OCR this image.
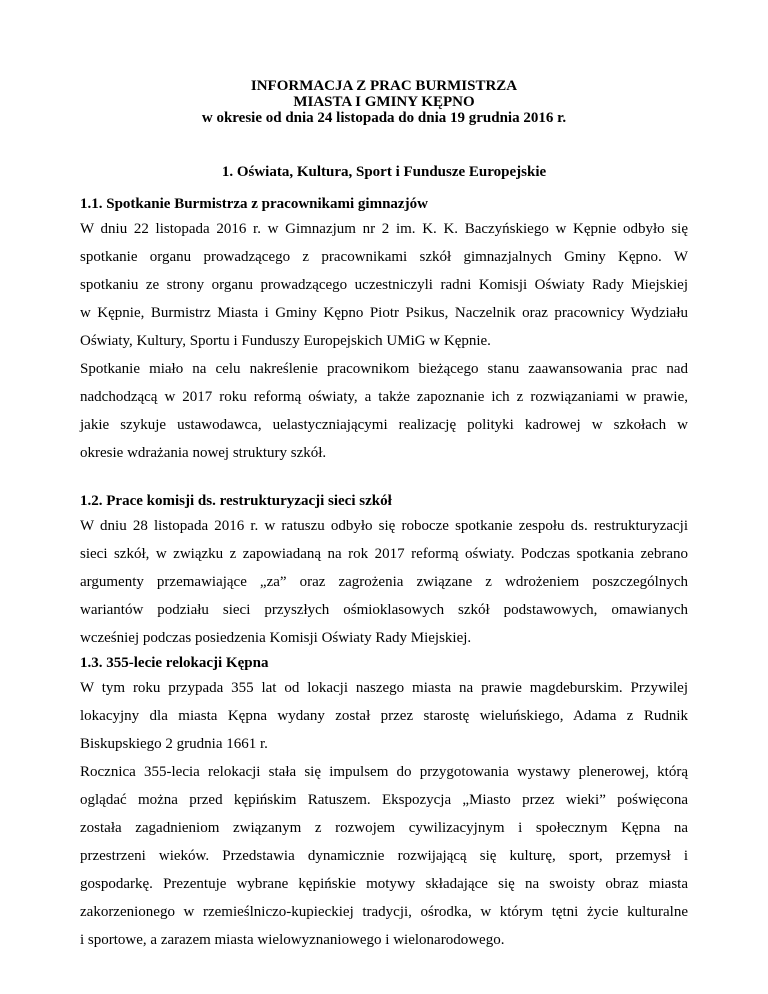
INFORMACJA Z PRAC BURMISTRZA
MIASTA I GMINY KĘPNO
w okresie od dnia 24 listopada do dnia 19 grudnia 2016 r.
1. Oświata, Kultura, Sport i Fundusze Europejskie
1.1. Spotkanie Burmistrza z pracownikami gimnazjów
W dniu 22 listopada 2016 r. w Gimnazjum nr 2 im. K. K. Baczyńskiego w Kępnie odbyło się
spotkanie organu prowadzącego z pracownikami szkół gimnazjalnych Gminy Kępno. W
spotkaniu ze strony organu prowadzącego uczestniczyli radni Komisji Oświaty Rady Miejskiej
w Kępnie, Burmistrz Miasta i Gminy Kępno Piotr Psikus, Naczelnik oraz pracownicy Wydziału
Oświaty, Kultury, Sportu i Funduszy Europejskich UMiG w Kępnie.
Spotkanie miało na celu nakreślenie pracownikom bieżącego stanu zaawansowania prac nad
nadchodzącą w 2017 roku reformą oświaty, a także zapoznanie ich z rozwiązaniami w prawie,
jakie szykuje ustawodawca, uelastyczniającymi realizację polityki kadrowej w szkołach w
okresie wdrażania nowej struktury szkół.
1.2. Prace komisji ds. restrukturyzacji sieci szkół
W dniu 28 listopada 2016 r. w ratuszu odbyło się robocze spotkanie zespołu ds. restrukturyzacji
sieci szkół, w związku z zapowiadaną na rok 2017 reformą oświaty. Podczas spotkania zebrano
argumenty przemawiające „za” oraz zagrożenia związane z wdrożeniem poszczególnych
wariantów podziału sieci przyszłych ośmioklasowych szkół podstawowych, omawianych
wcześniej podczas posiedzenia Komisji Oświaty Rady Miejskiej.
1.3. 355-lecie relokacji Kępna
W tym roku przypada 355 lat od lokacji naszego miasta na prawie magdeburskim. Przywilej
lokacyjny dla miasta Kępna wydany został przez starostę wieluńskiego, Adama z Rudnik
Biskupskiego 2 grudnia 1661 r.
Rocznica 355-lecia relokacji stała się impulsem do przygotowania wystawy plenerowej, którą
oglądać można przed kępińskim Ratuszem. Ekspozycja „Miasto przez wieki” poświęcona
została zagadnieniom związanym z rozwojem cywilizacyjnym i społecznym Kępna na
przestrzeni wieków. Przedstawia dynamicznie rozwijającą się kulturę, sport, przemysł i
gospodarkę. Prezentuje wybrane kępińskie motywy składające się na swoisty obraz miasta
zakorzenionego w rzemieślniczo-kupieckiej tradycji, ośrodka, w którym tętni życie kulturalne
i sportowe, a zarazem miasta wielowyznaniowego i wielonarodowego.
